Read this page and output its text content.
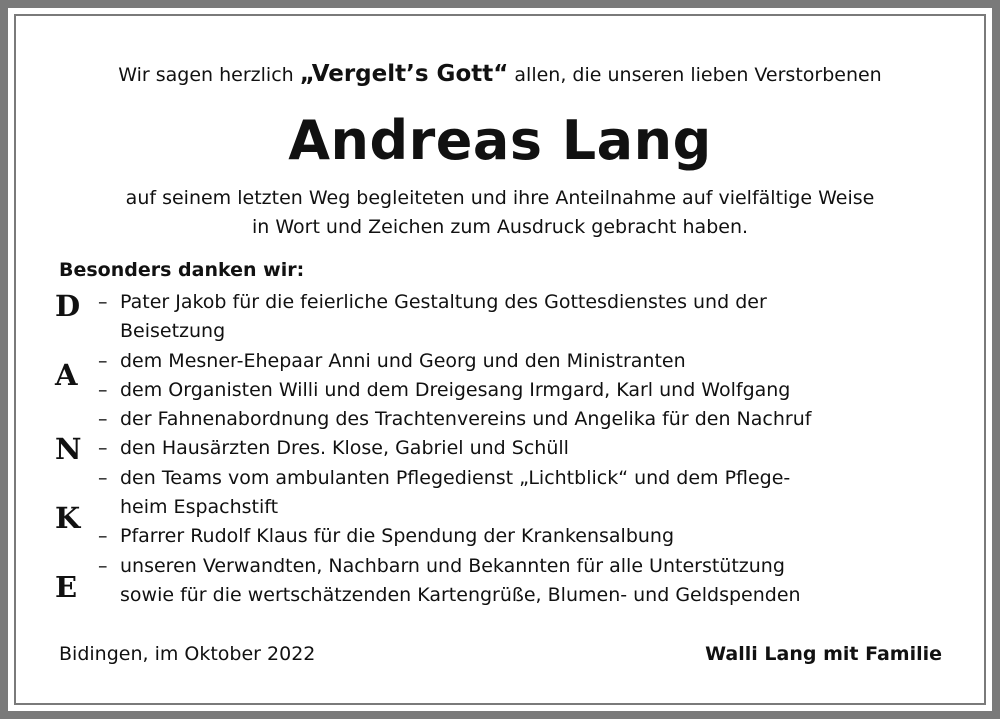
Wir sagen herzlich „Vergelt’s Gott“ allen, die unseren lieben Verstorbenen
Andreas Lang
auf seinem letzten Weg begleiteten und ihre Anteilnahme auf vielfältige Weise
in Wort und Zeichen zum Ausdruck gebracht haben.
Besonders danken wir:
D
A
N
K
E
– Pater Jakob für die feierliche Gestaltung des Gottesdienstes und der
Beisetzung
– dem Mesner-Ehepaar Anni und Georg und den Ministranten
– dem Organisten Willi und dem Dreigesang Irmgard, Karl und Wolfgang
– der Fahnenabordnung des Trachtenvereins und Angelika für den Nachruf
– den Hausärzten Dres. Klose, Gabriel und Schüll
– den Teams vom ambulanten Pflegedienst „Lichtblick“ und dem Pflege-
heim Espachstift
– Pfarrer Rudolf Klaus für die Spendung der Krankensalbung
– unseren Verwandten, Nachbarn und Bekannten für alle Unterstützung
sowie für die wertschätzenden Kartengrüße, Blumen- und Geldspenden
Bidingen, im Oktober 2022	Walli Lang mit Familie
